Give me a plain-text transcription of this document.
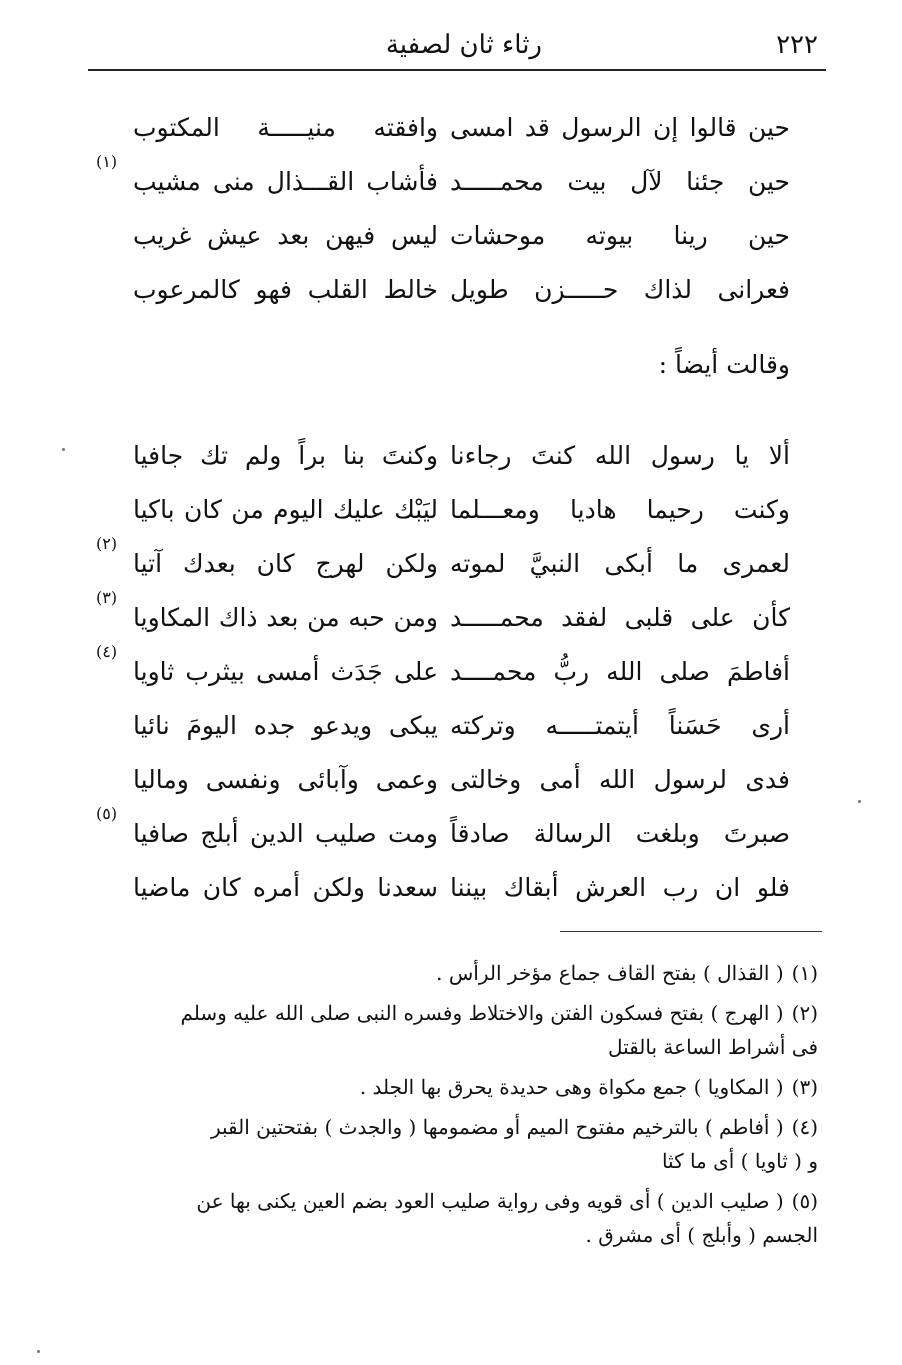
٢٢٢
رثاء ثان لصفية
حين قالوا إن الرسول قد امسى
وافقته منيـــــة المكتوب
حين جئنا لآل بيت محمـــــد
فأشاب القـــذال منى مشيب
(١)
حين رينا بيوته موحشات
ليس فيهن بعد عيش غريب
فعرانى لذاك حـــــزن طويل
خالط القلب فهو كالمرعوب
وقالت أيضاً :
ألا يا رسول الله كنتَ رجاءنا
وكنتَ بنا براً ولم تك جافيا
وكنت رحيما هاديا ومعـــلما
ليَبْك عليك اليوم من كان باكيا
لعمرى ما أبكى النبيَّ لموته
ولكن لهرج كان بعدك آتيا
(٢)
كأن على قلبى لفقد محمـــــد
ومن حبه من بعد ذاك المكاويا
(٣)
أفاطمَ صلى الله ربُّ محمــــد
على جَدَث أمسى بيثرب ثاويا
(٤)
أرى حَسَناً أيتمتـــــه وتركته
يبكى ويدعو جده اليومَ نائيا
فدى لرسول الله أمى وخالتى
وعمى وآبائى ونفسى وماليا
صبرتَ وبلغت الرسالة صادقاً
ومت صليب الدين أبلج صافيا
(٥)
فلو ان رب العرش أبقاك بيننا
سعدنا ولكن أمره كان ماضيا
(١)( القذال ) بفتح القاف جماع مؤخر الرأس .
(٢)( الهرج ) بفتح فسكون الفتن والاختلاط وفسره النبى صلى الله عليه وسلم
فى أشراط الساعة بالقتل
(٣)( المكاويا ) جمع مكواة وهى حديدة يحرق بها الجلد .
(٤)( أفاطم ) بالترخيم مفتوح الميم أو مضمومها ( والجدث ) بفتحتين القبر
و ( ثاويا ) أى ما كثا
(٥)( صليب الدين ) أى قويه وفى رواية صليب العود بضم العين يكنى بها عن
الجسم ( وأبلج ) أى مشرق .
